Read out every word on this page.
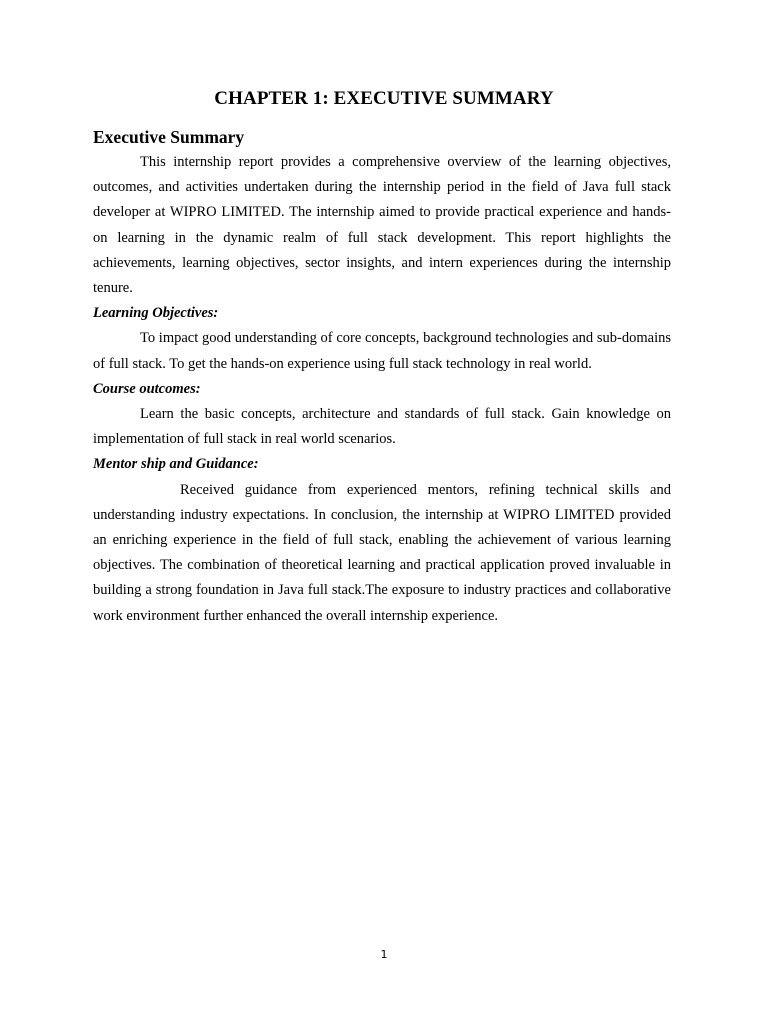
CHAPTER 1: EXECUTIVE SUMMARY
Executive Summary

This internship report provides a comprehensive overview of the learning objectives, outcomes, and activities undertaken during the internship period in the field of Java full stack developer at WIPRO LIMITED. The internship aimed to provide practical experience and hands-on learning in the dynamic realm of full stack development. This report highlights the achievements, learning objectives, sector insights, and intern experiences during the internship tenure.

Learning Objectives:

To impact good understanding of core concepts, background technologies and sub-domains of full stack. To get the hands-on experience using full stack technology in real world.

Course outcomes:

Learn the basic concepts, architecture and standards of full stack. Gain knowledge on implementation of full stack in real world scenarios.

Mentor ship and Guidance:

Received guidance from experienced mentors, refining technical skills and understanding industry expectations. In conclusion, the internship at WIPRO LIMITED provided an enriching experience in the field of full stack, enabling the achievement of various learning objectives. The combination of theoretical learning and practical application proved invaluable in building a strong foundation in Java full stack.The exposure to industry practices and collaborative work environment further enhanced the overall internship experience.

1
